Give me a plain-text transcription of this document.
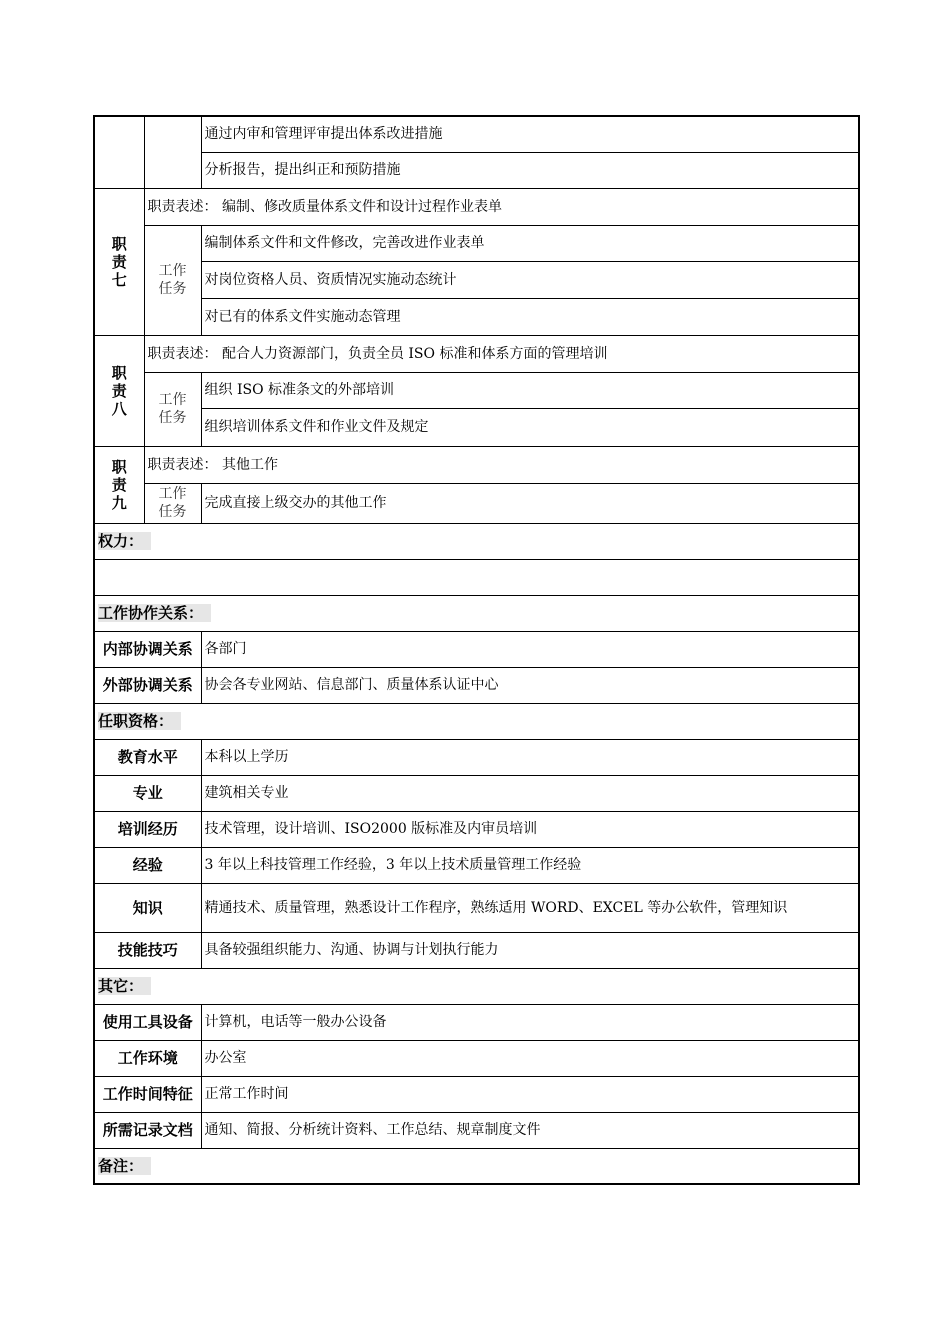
		通过内审和管理评审提出体系改进措施
		分析报告，提出纠正和预防措施

职责七	职责表述： 编制、修改质量体系文件和设计过程作业表单	

	工作任务	编制体系文件和文件修改，完善改进作业表单
		对岗位资格人员、资质情况实施动态统计
		对已有的体系文件实施动态管理

职责八	职责表述： 配合人力资源部门，负责全员 ISO 标准和体系方面的管理培训	

	工作任务	组织 ISO 标准条文的外部培训
		组织培训体系文件和作业文件及规定

职责九	职责表述： 其他工作	

	工作任务	完成直接上级交办的其他工作
权力：		

工作协作关系：		
内部协调关系		各部门
外部协调关系		协会各专业网站、信息部门、质量体系认证中心
任职资格：		
教育水平		本科以上学历
专业		建筑相关专业
培训经历		技术管理，设计培训、ISO2000 版标准及内审员培训
经验		3 年以上科技管理工作经验，3 年以上技术质量管理工作经验
知识		精通技术、质量管理，熟悉设计工作程序，熟练适用 WORD、EXCEL 等办公软件，管理知识
技能技巧		具备较强组织能力、沟通、协调与计划执行能力
其它：		
使用工具设备		计算机，电话等一般办公设备
工作环境		办公室
工作时间特征		正常工作时间
所需记录文档		通知、简报、分析统计资料、工作总结、规章制度文件
备注：		
